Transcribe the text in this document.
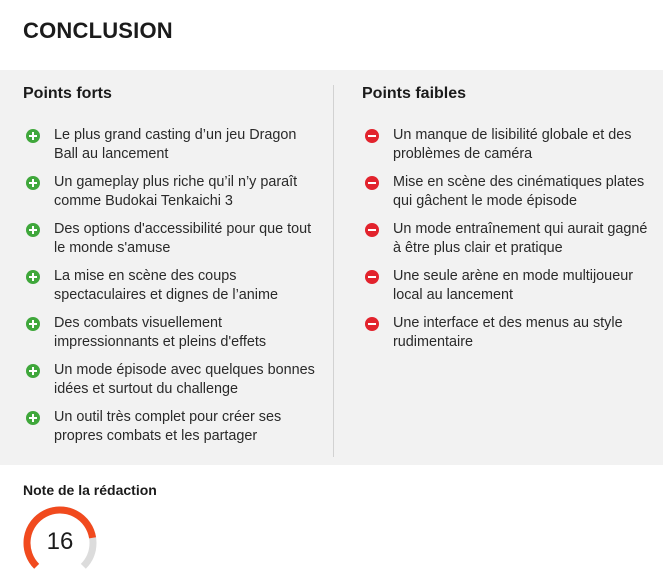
CONCLUSION
Points forts
Le plus grand casting d’un jeu Dragon Ball au lancement
Un gameplay plus riche qu’il n’y paraît comme Budokai Tenkaichi 3
Des options d'accessibilité pour que tout le monde s'amuse
La mise en scène des coups spectaculaires et dignes de l’anime
Des combats visuellement impressionnants et pleins d'effets
Un mode épisode avec quelques bonnes idées et surtout du challenge
Un outil très complet pour créer ses propres combats et les partager
Points faibles
Un manque de lisibilité globale et des problèmes de caméra
Mise en scène des cinématiques plates qui gâchent le mode épisode
Un mode entraînement qui aurait gagné à être plus clair et pratique
Une seule arène en mode multijoueur local au lancement
Une interface et des menus au style rudimentaire
Note de la rédaction
16
